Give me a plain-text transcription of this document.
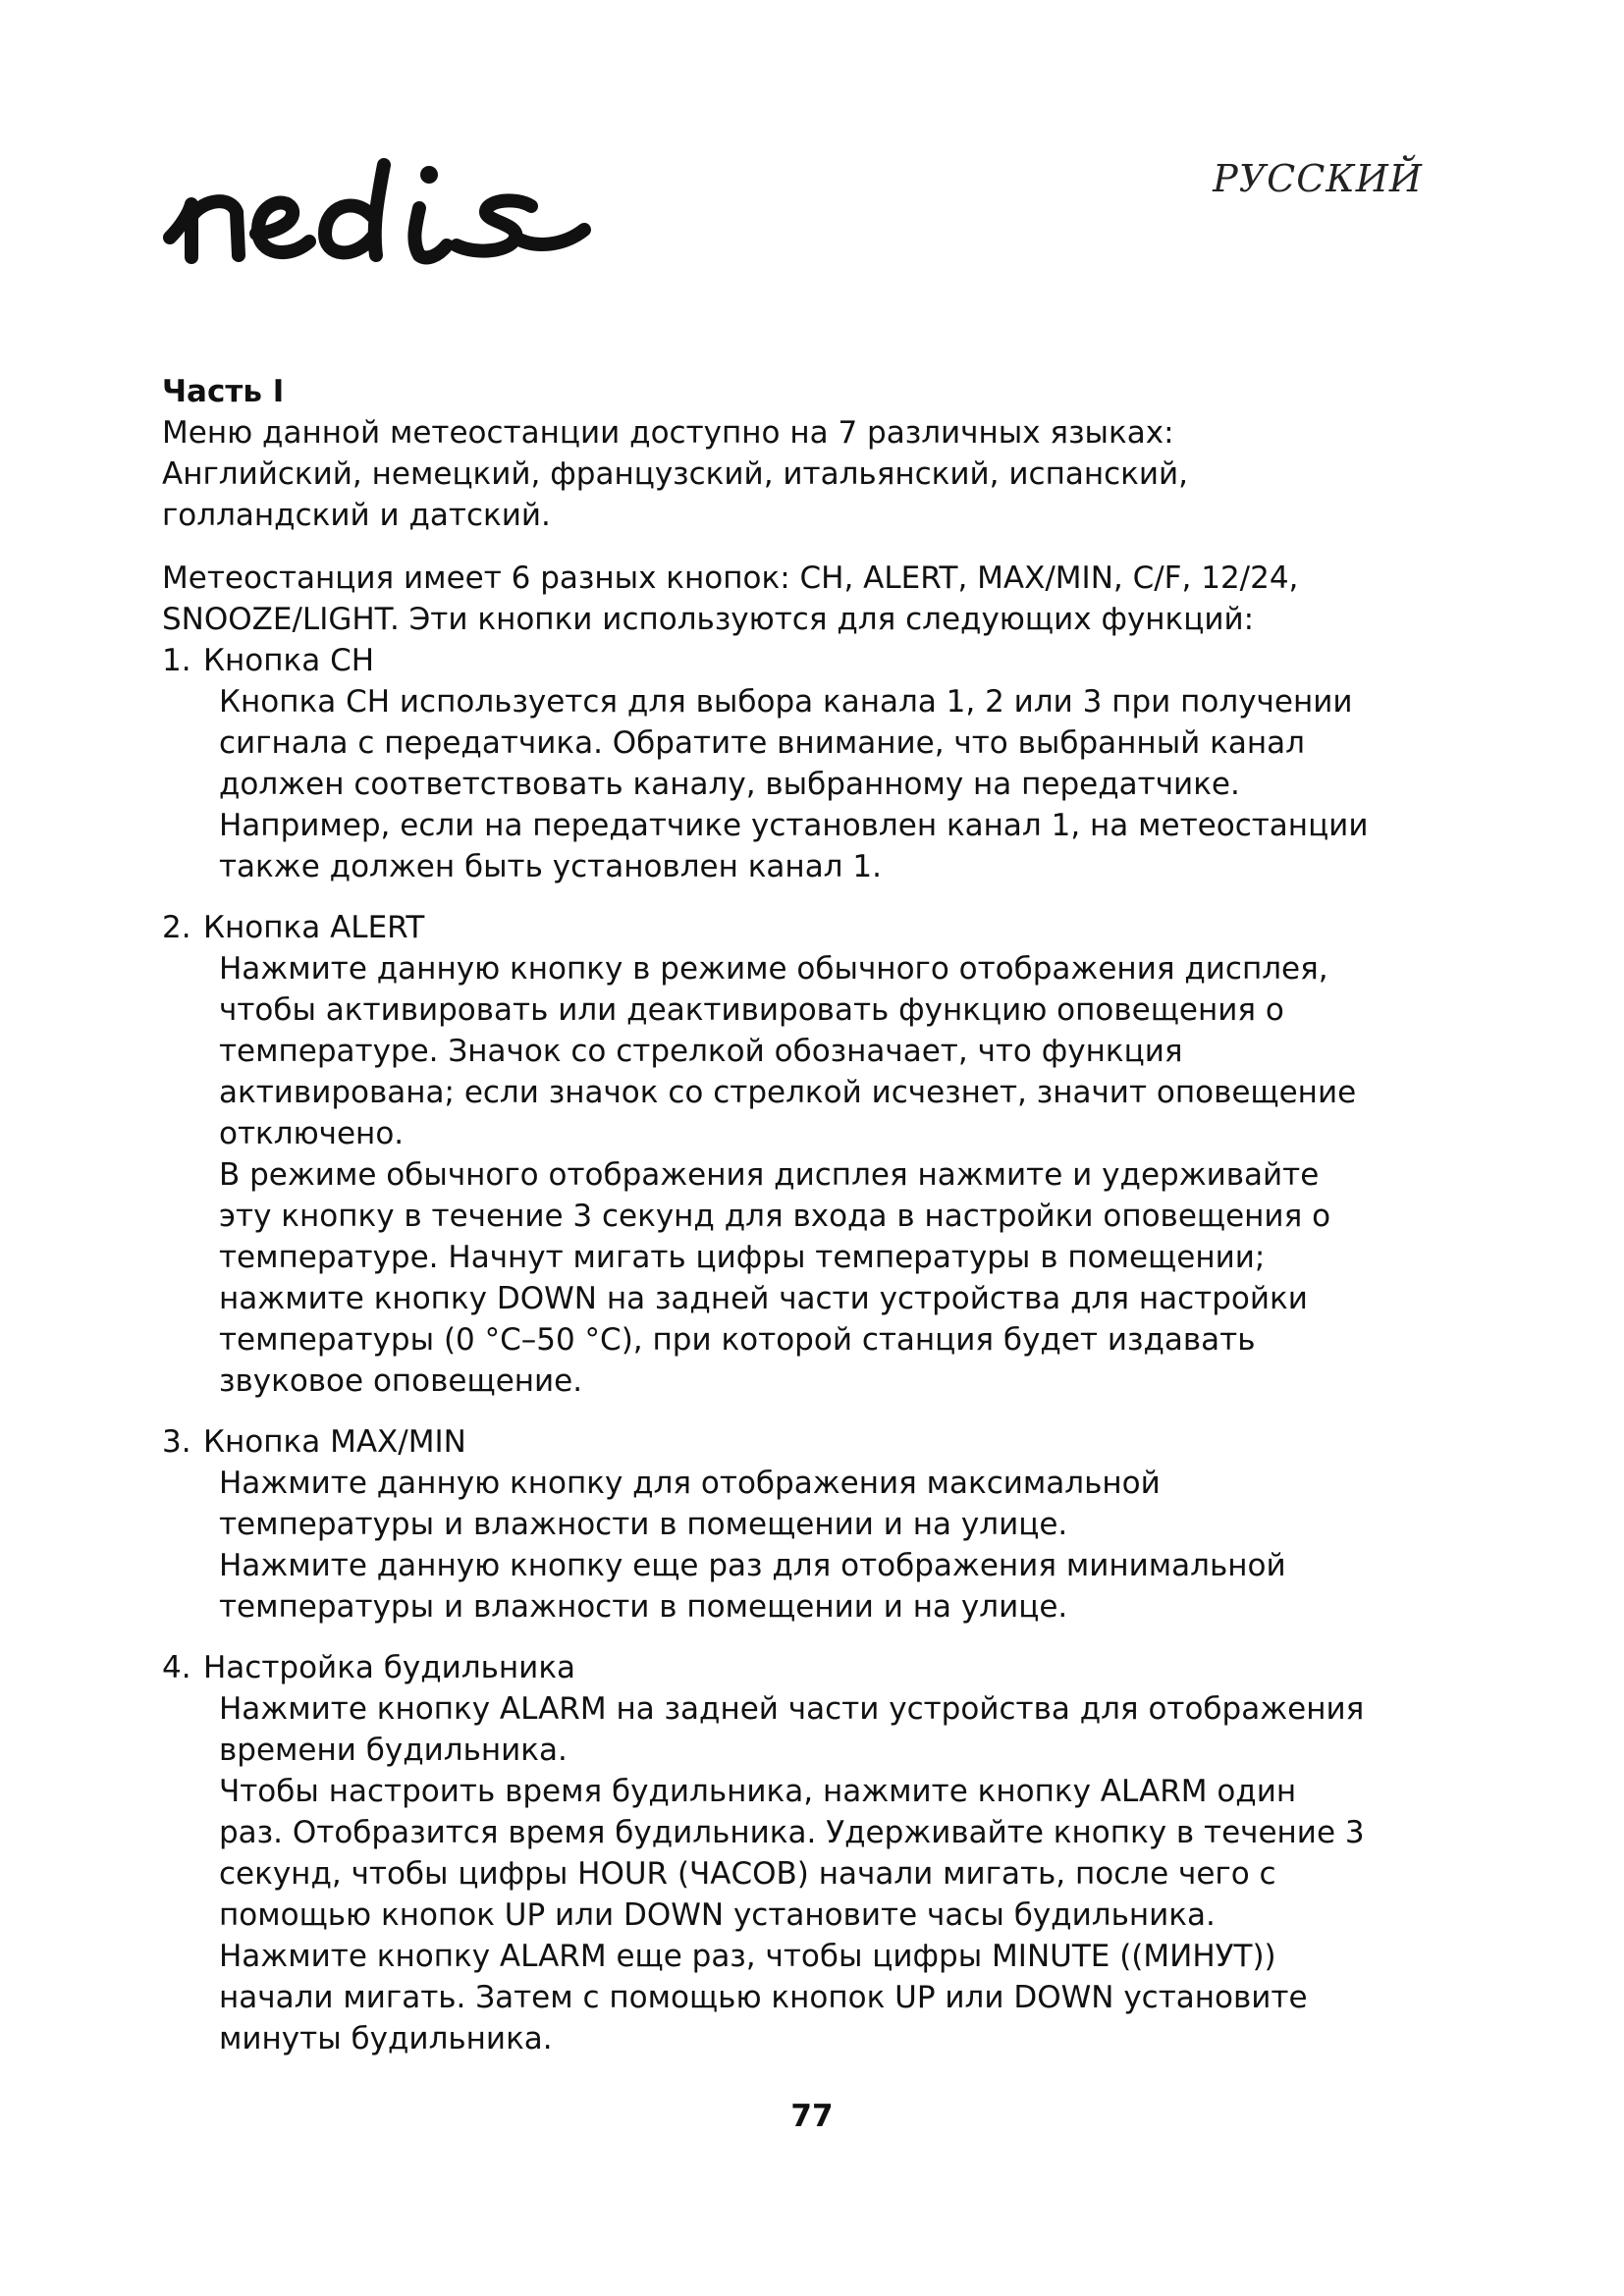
РУССКИЙ

Часть I

Меню данной метеостанции доступно на 7 различных языках: Английский, немецкий, французский, итальянский, испанский, голландский и датский.

Метеостанция имеет 6 разных кнопок: CH, ALERT, MAX/MIN, C/F, 12/24, SNOOZE/LIGHT. Эти кнопки используются для следующих функций:

1. Кнопка CH

Кнопка CH используется для выбора канала 1, 2 или 3 при получении сигнала с передатчика. Обратите внимание, что выбранный канал должен соответствовать каналу, выбранному на передатчике. Например, если на передатчике установлен канал 1, на метеостанции также должен быть установлен канал 1.

2. Кнопка ALERT

Нажмите данную кнопку в режиме обычного отображения дисплея, чтобы активировать или деактивировать функцию оповещения о температуре. Значок со стрелкой обозначает, что функция активирована; если значок со стрелкой исчезнет, значит оповещение отключено.

В режиме обычного отображения дисплея нажмите и удерживайте эту кнопку в течение 3 секунд для входа в настройки оповещения о температуре. Начнут мигать цифры температуры в помещении; нажмите кнопку DOWN на задней части устройства для настройки температуры (0 °C–50 °C), при которой станция будет издавать звуковое оповещение.

3. Кнопка MAX/MIN

Нажмите данную кнопку для отображения максимальной температуры и влажности в помещении и на улице.

Нажмите данную кнопку еще раз для отображения минимальной температуры и влажности в помещении и на улице.

4. Настройка будильника

Нажмите кнопку ALARM на задней части устройства для отображения времени будильника.

Чтобы настроить время будильника, нажмите кнопку ALARM один раз. Отобразится время будильника. Удерживайте кнопку в течение 3 секунд, чтобы цифры HOUR (ЧАСОВ) начали мигать, после чего с помощью кнопок UP или DOWN установите часы будильника. Нажмите кнопку ALARM еще раз, чтобы цифры MINUTE ((МИНУТ)) начали мигать. Затем с помощью кнопок UP или DOWN установите минуты будильника.

77
